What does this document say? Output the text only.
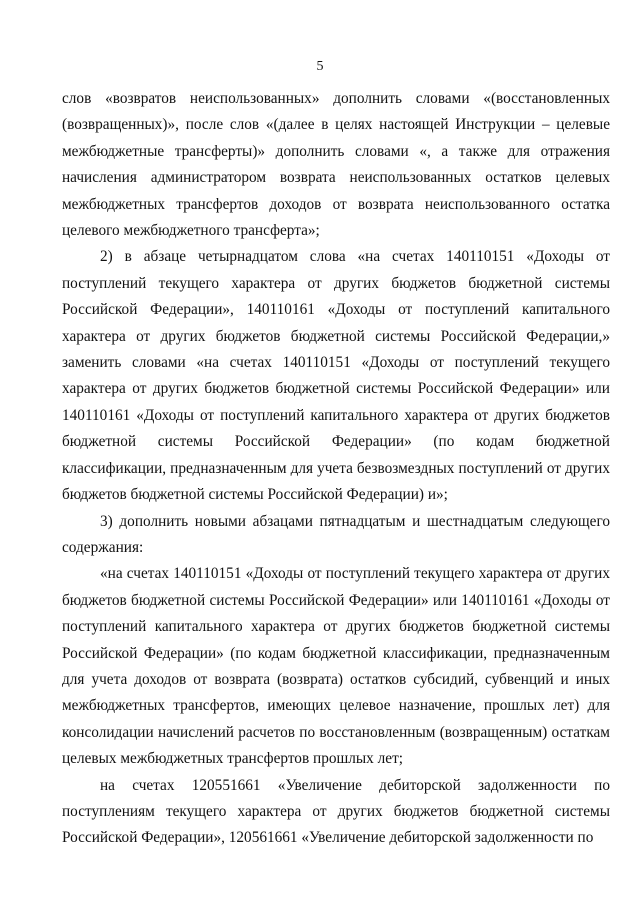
5

слов «возвратов неиспользованных» дополнить словами «(восстановленных (возвращенных)», после слов «(далее в целях настоящей Инструкции – целевые межбюджетные трансферты)» дополнить словами «, а также для отражения начисления администратором возврата неиспользованных остатков целевых межбюджетных трансфертов доходов от возврата неиспользованного остатка целевого межбюджетного трансферта»;

2) в абзаце четырнадцатом слова «на счетах 140110151 «Доходы от поступлений текущего характера от других бюджетов бюджетной системы Российской Федерации», 140110161 «Доходы от поступлений капитального характера от других бюджетов бюджетной системы Российской Федерации,» заменить словами «на счетах 140110151 «Доходы от поступлений текущего характера от других бюджетов бюджетной системы Российской Федерации» или 140110161 «Доходы от поступлений капитального характера от других бюджетов бюджетной системы Российской Федерации» (по кодам бюджетной классификации, предназначенным для учета безвозмездных поступлений от других бюджетов бюджетной системы Российской Федерации) и»;

3) дополнить новыми абзацами пятнадцатым и шестнадцатым следующего содержания:

«на счетах 140110151 «Доходы от поступлений текущего характера от других бюджетов бюджетной системы Российской Федерации» или 140110161 «Доходы от поступлений капитального характера от других бюджетов бюджетной системы Российской Федерации» (по кодам бюджетной классификации, предназначенным для учета доходов от возврата (возврата) остатков субсидий, субвенций и иных межбюджетных трансфертов, имеющих целевое назначение, прошлых лет) для консолидации начислений расчетов по восстановленным (возвращенным) остаткам целевых межбюджетных трансфертов прошлых лет;

на счетах 120551661 «Увеличение дебиторской задолженности по поступлениям текущего характера от других бюджетов бюджетной системы Российской Федерации», 120561661 «Увеличение дебиторской задолженности по
